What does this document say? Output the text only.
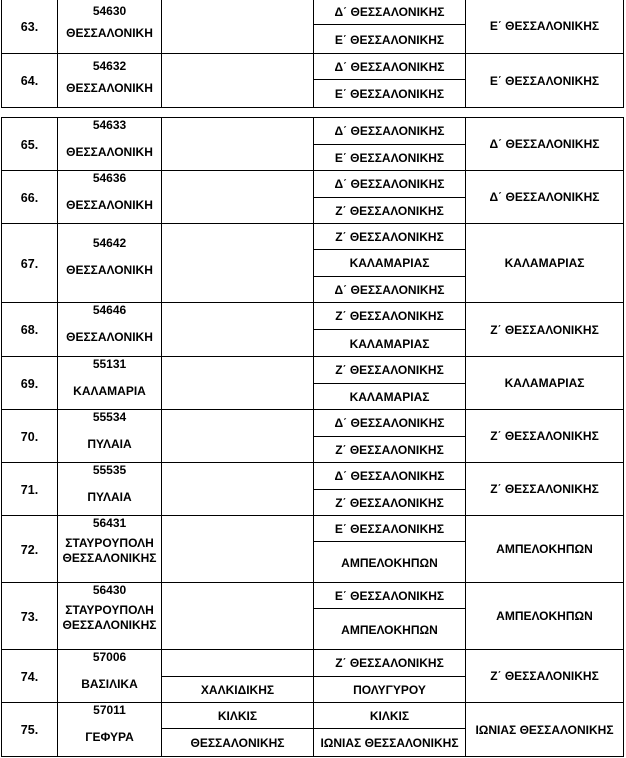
63.
54630
ΘΕΣΣΑΛΟΝΙΚΗ
Δ΄ ΘΕΣΣΑΛΟΝΙΚΗΣ
Ε΄ ΘΕΣΣΑΛΟΝΙΚΗΣ
Ε΄ ΘΕΣΣΑΛΟΝΙΚΗΣ
64.
54632
ΘΕΣΣΑΛΟΝΙΚΗ
Δ΄ ΘΕΣΣΑΛΟΝΙΚΗΣ
Ε΄ ΘΕΣΣΑΛΟΝΙΚΗΣ
Ε΄ ΘΕΣΣΑΛΟΝΙΚΗΣ
65.
54633
ΘΕΣΣΑΛΟΝΙΚΗ
Δ΄ ΘΕΣΣΑΛΟΝΙΚΗΣ
Ε΄ ΘΕΣΣΑΛΟΝΙΚΗΣ
Δ΄ ΘΕΣΣΑΛΟΝΙΚΗΣ
66.
54636
ΘΕΣΣΑΛΟΝΙΚΗ
Δ΄ ΘΕΣΣΑΛΟΝΙΚΗΣ
Ζ΄ ΘΕΣΣΑΛΟΝΙΚΗΣ
Δ΄ ΘΕΣΣΑΛΟΝΙΚΗΣ
67.
54642
ΘΕΣΣΑΛΟΝΙΚΗ
Ζ΄ ΘΕΣΣΑΛΟΝΙΚΗΣ
ΚΑΛΑΜΑΡΙΑΣ
Δ΄ ΘΕΣΣΑΛΟΝΙΚΗΣ
ΚΑΛΑΜΑΡΙΑΣ
68.
54646
ΘΕΣΣΑΛΟΝΙΚΗ
Ζ΄ ΘΕΣΣΑΛΟΝΙΚΗΣ
ΚΑΛΑΜΑΡΙΑΣ
Ζ΄ ΘΕΣΣΑΛΟΝΙΚΗΣ
69.
55131
ΚΑΛΑΜΑΡΙΑ
Ζ΄ ΘΕΣΣΑΛΟΝΙΚΗΣ
ΚΑΛΑΜΑΡΙΑΣ
ΚΑΛΑΜΑΡΙΑΣ
70.
55534
ΠΥΛΑΙΑ
Δ΄ ΘΕΣΣΑΛΟΝΙΚΗΣ
Ζ΄ ΘΕΣΣΑΛΟΝΙΚΗΣ
Ζ΄ ΘΕΣΣΑΛΟΝΙΚΗΣ
71.
55535
ΠΥΛΑΙΑ
Δ΄ ΘΕΣΣΑΛΟΝΙΚΗΣ
Ζ΄ ΘΕΣΣΑΛΟΝΙΚΗΣ
Ζ΄ ΘΕΣΣΑΛΟΝΙΚΗΣ
72.
56431
ΣΤΑΥΡΟΥΠΟΛΗ
ΘΕΣΣΑΛΟΝΙΚΗΣ
Ε΄ ΘΕΣΣΑΛΟΝΙΚΗΣ
ΑΜΠΕΛΟΚΗΠΩΝ
ΑΜΠΕΛΟΚΗΠΩΝ
73.
56430
ΣΤΑΥΡΟΥΠΟΛΗ
ΘΕΣΣΑΛΟΝΙΚΗΣ
Ε΄ ΘΕΣΣΑΛΟΝΙΚΗΣ
ΑΜΠΕΛΟΚΗΠΩΝ
ΑΜΠΕΛΟΚΗΠΩΝ
74.
57006
ΒΑΣΙΛΙΚΑ	ΧΑΛΚΙΔΙΚΗΣ
Ζ΄ ΘΕΣΣΑΛΟΝΙΚΗΣ
ΠΟΛΥΓΥΡΟΥ
Ζ΄ ΘΕΣΣΑΛΟΝΙΚΗΣ
75.
57011
ΓΕΦΥΡΑ
ΚΙΛΚΙΣ
ΘΕΣΣΑΛΟΝΙΚΗΣ
ΚΙΛΚΙΣ
ΙΩΝΙΑΣ ΘΕΣΣΑΛΟΝΙΚΗΣ
ΙΩΝΙΑΣ ΘΕΣΣΑΛΟΝΙΚΗΣ
